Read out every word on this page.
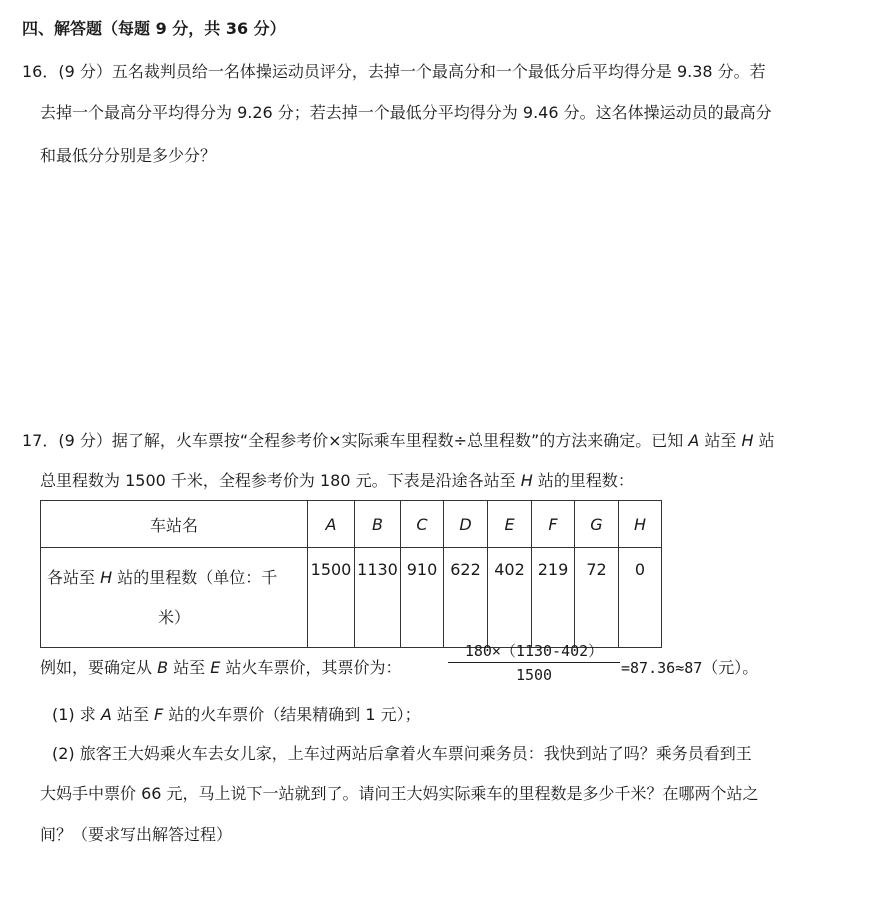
四、解答题（每题 9 分，共 36 分）
16．(9 分）五名裁判员给一名体操运动员评分，去掉一个最高分和一个最低分后平均得分是 9.38 分。若
去掉一个最高分平均得分为 9.26 分；若去掉一个最低分平均得分为 9.46 分。这名体操运动员的最高分
和最低分分别是多少分？
17．(9 分）据了解，火车票按“全程参考价×实际乘车里程数÷总里程数”的方法来确定。已知 A 站至 H 站
总里程数为 1500 千米，全程参考价为 180 元。下表是沿途各站至 H 站的里程数：
车站名	A	B	C	D	E	F	G	H

各站至 H 站的里程数（单位：千
米）	1500	1130	910	622	402	219	72	0
例如，要确定从 B 站至 E 站火车票价，其票价为：
180×（1130-402）
1500	=87.36≈87（元）。
(1) 求 A 站至 F 站的火车票价（结果精确到 1 元）；
(2) 旅客王大妈乘火车去女儿家，上车过两站后拿着火车票问乘务员：我快到站了吗？乘务员看到王
大妈手中票价 66 元，马上说下一站就到了。请问王大妈实际乘车的里程数是多少千米？在哪两个站之
间？（要求写出解答过程）
